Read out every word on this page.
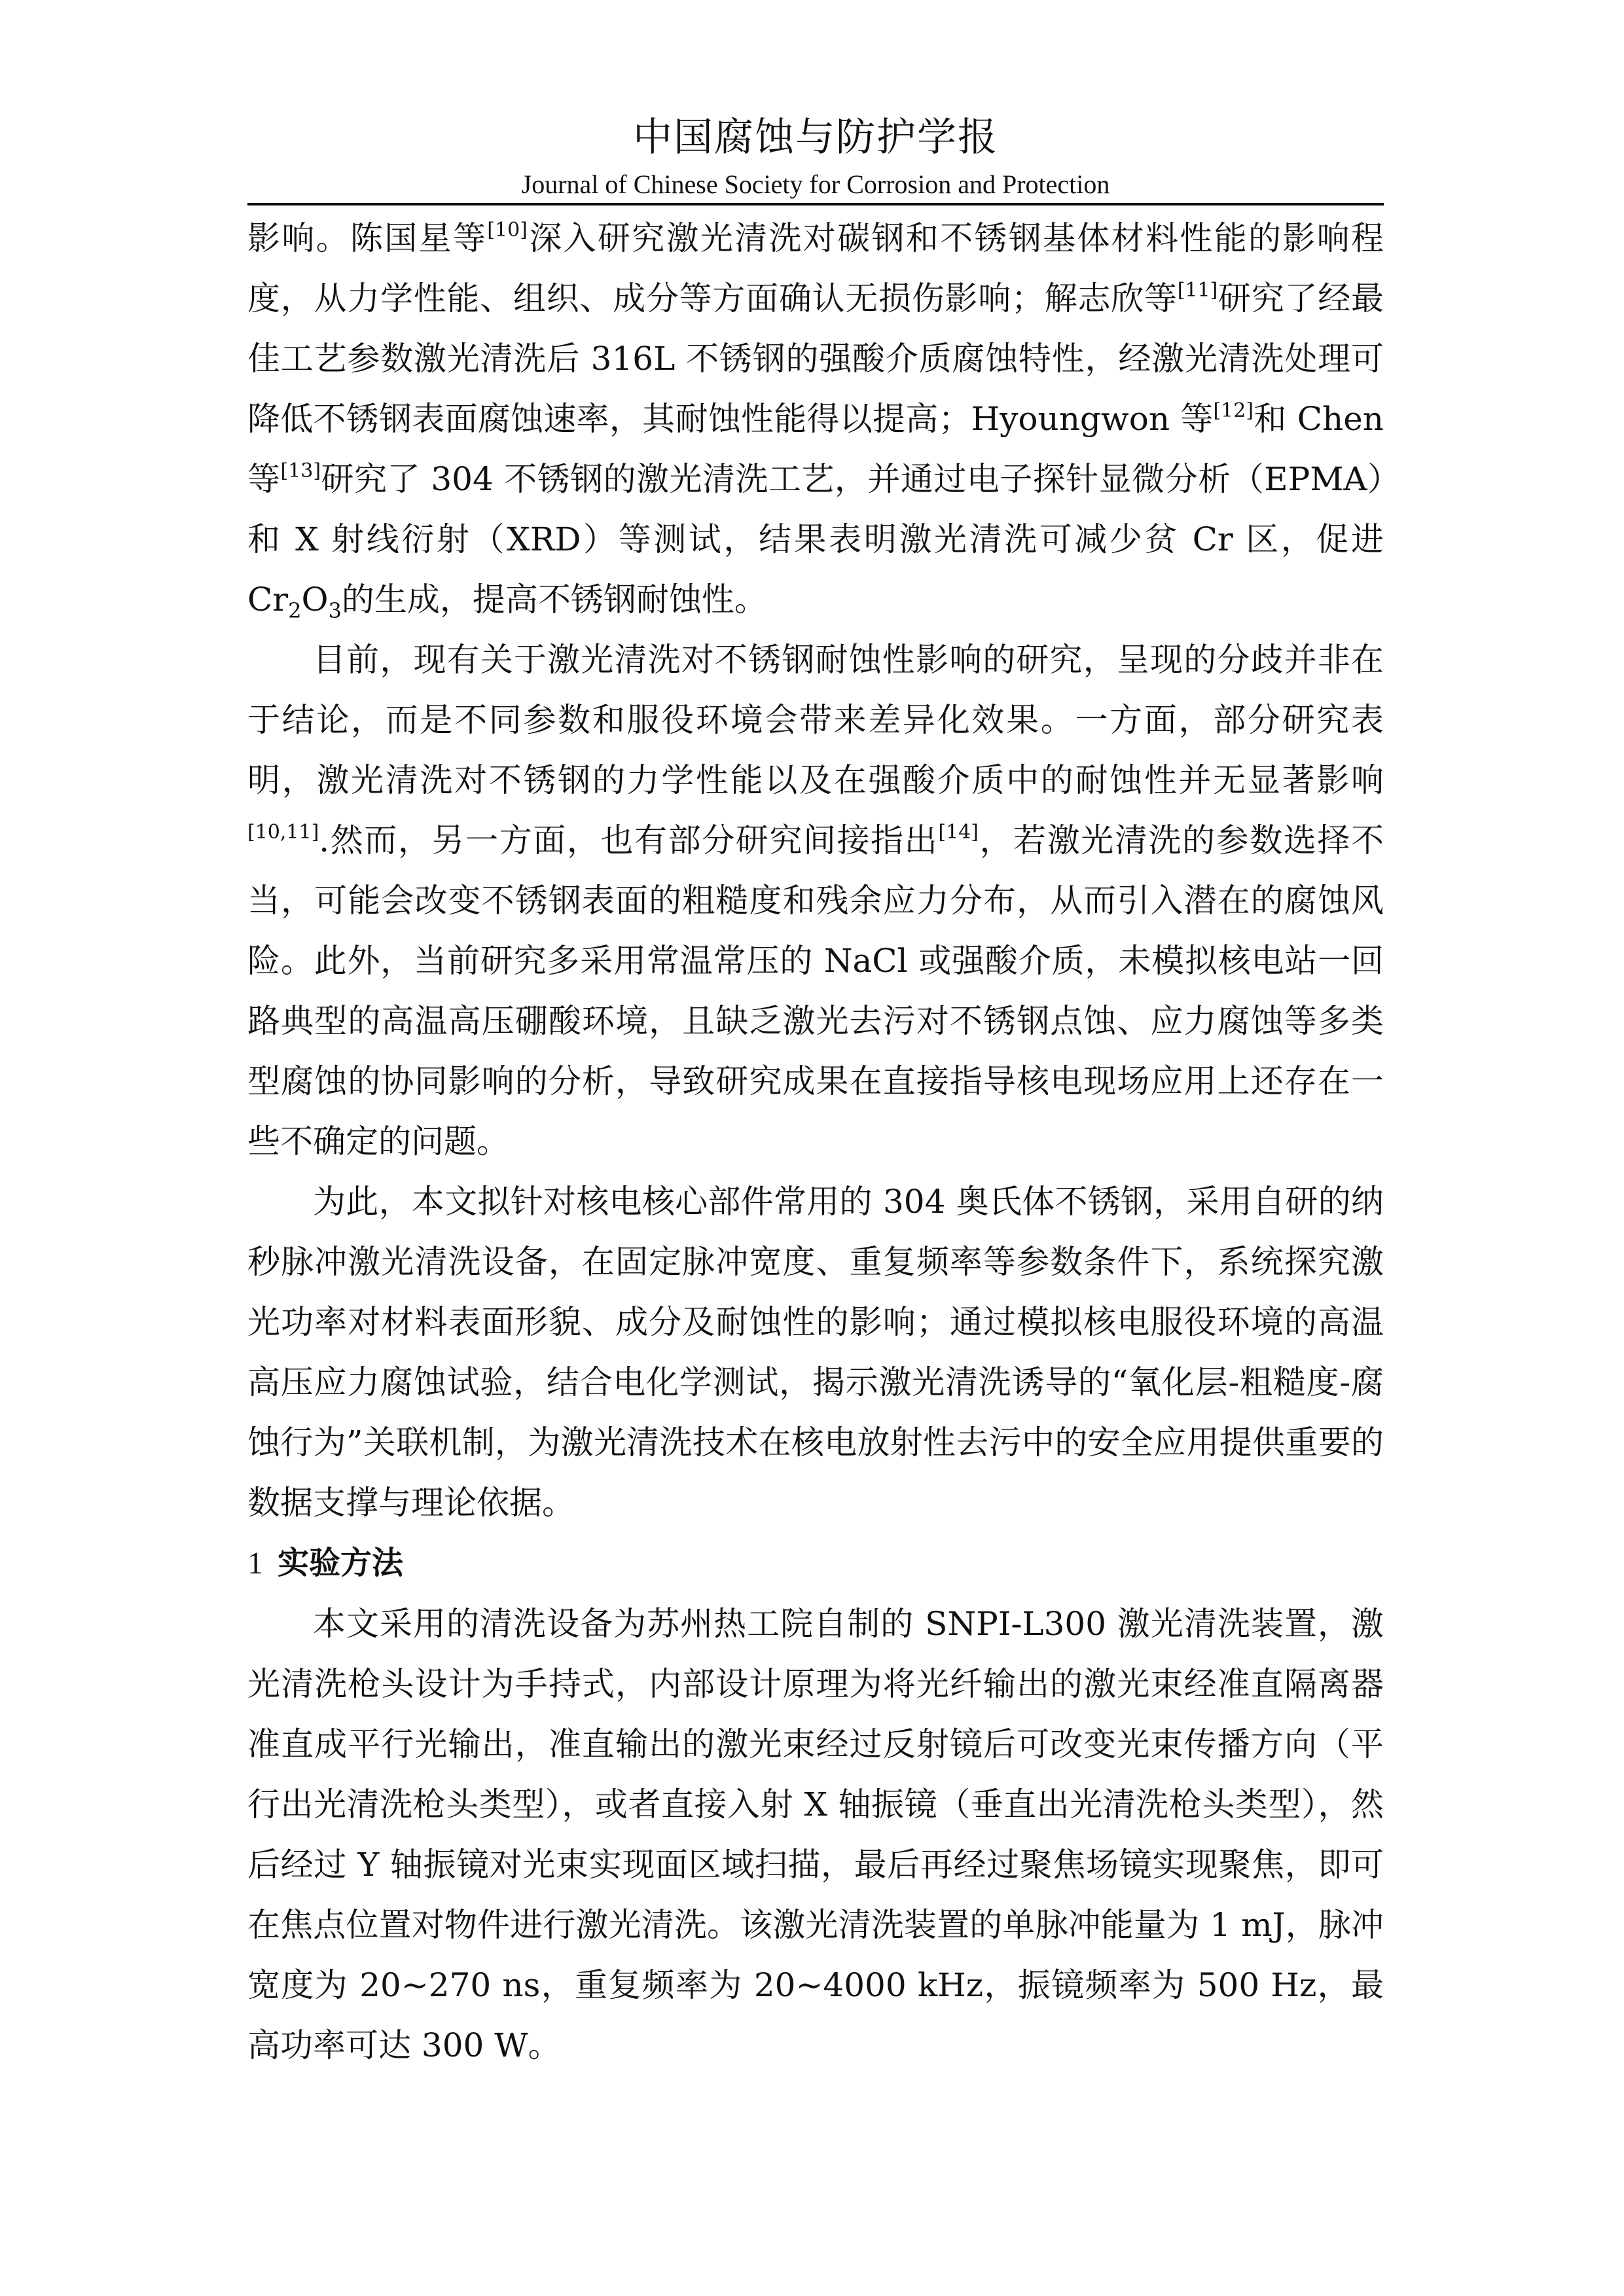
中国腐蚀与防护学报
Journal of Chinese Society for Corrosion and Protection

影响。陈国星等[10]深入研究激光清洗对碳钢和不锈钢基体材料性能的影响程度，从力学性能、组织、成分等方面确认无损伤影响；解志欣等[11]研究了经最佳工艺参数激光清洗后 316L 不锈钢的强酸介质腐蚀特性，经激光清洗处理可降低不锈钢表面腐蚀速率，其耐蚀性能得以提高；Hyoungwon 等[12]和 Chen 等[13]研究了 304 不锈钢的激光清洗工艺，并通过电子探针显微分析（EPMA）和 X 射线衍射（XRD）等测试，结果表明激光清洗可减少贫 Cr 区，促进 $Cr_2O_3$的生成，提高不锈钢耐蚀性。

目前，现有关于激光清洗对不锈钢耐蚀性影响的研究，呈现的分歧并非在于结论，而是不同参数和服役环境会带来差异化效果。一方面，部分研究表明，激光清洗对不锈钢的力学性能以及在强酸介质中的耐蚀性并无显著影响[10,11].然而，另一方面，也有部分研究间接指出[14]，若激光清洗的参数选择不当，可能会改变不锈钢表面的粗糙度和残余应力分布，从而引入潜在的腐蚀风险。此外，当前研究多采用常温常压的 NaCl 或强酸介质，未模拟核电站一回路典型的高温高压硼酸环境，且缺乏激光去污对不锈钢点蚀、应力腐蚀等多类型腐蚀的协同影响的分析，导致研究成果在直接指导核电现场应用上还存在一些不确定的问题。

为此，本文拟针对核电核心部件常用的 304 奥氏体不锈钢，采用自研的纳秒脉冲激光清洗设备，在固定脉冲宽度、重复频率等参数条件下，系统探究激光功率对材料表面形貌、成分及耐蚀性的影响；通过模拟核电服役环境的高温高压应力腐蚀试验，结合电化学测试，揭示激光清洗诱导的“氧化层-粗糙度-腐蚀行为”关联机制，为激光清洗技术在核电放射性去污中的安全应用提供重要的数据支撑与理论依据。

1 实验方法

本文采用的清洗设备为苏州热工院自制的 SNPI-L300 激光清洗装置，激光清洗枪头设计为手持式，内部设计原理为将光纤输出的激光束经准直隔离器准直成平行光输出，准直输出的激光束经过反射镜后可改变光束传播方向（平行出光清洗枪头类型），或者直接入射 X 轴振镜（垂直出光清洗枪头类型），然后经过 Y 轴振镜对光束实现面区域扫描，最后再经过聚焦场镜实现聚焦，即可在焦点位置对物件进行激光清洗。该激光清洗装置的单脉冲能量为 1 mJ，脉冲宽度为 20~270 ns，重复频率为 20~4000 kHz，振镜频率为 500 Hz，最高功率可达 300 W。
